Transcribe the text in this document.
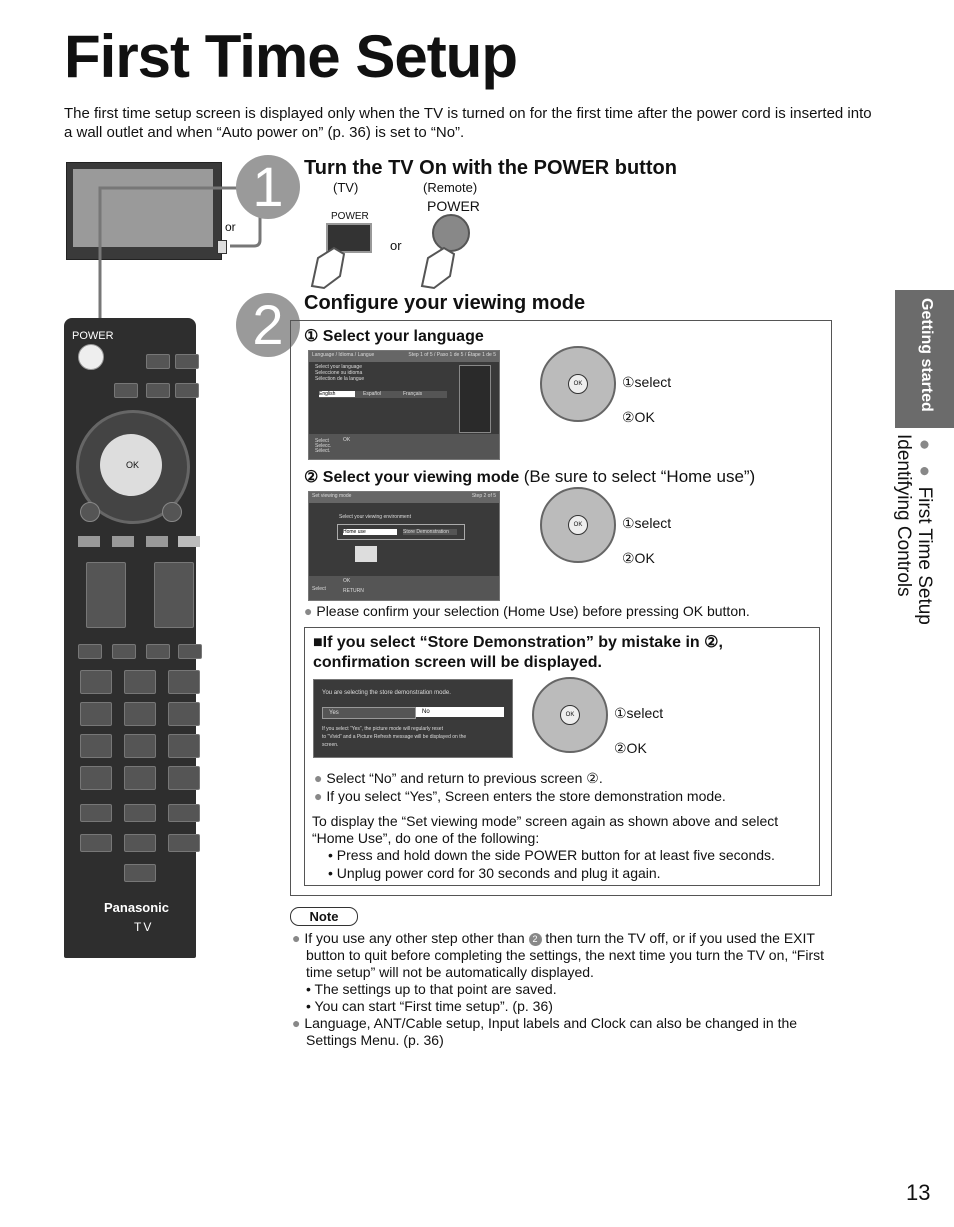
First Time Setup
The first time setup screen is displayed only when the TV is turned on for the first time after the power cord is inserted into a wall outlet and when “Auto power on” (p. 36) is set to “No”.
Getting started
● ● First Time Setup
Identifying Controls
or
POWER
OK
Panasonic
TV
1	Turn the TV On with the POWER button
(TV)	(Remote)
POWER
or
POWER
2	Configure your viewing mode
① Select your language
Language / Idioma / Langue	Step 1 of 5 / Paso 1 de 5 / Étape 1 de 5
Select your language
Seleccione su idioma
Sélection de la langue
English	Español	Français
Select
Selecc.
Sélect.
OK
OK	①select
②OK
② Select your viewing mode (Be sure to select “Home use”)
Set viewing mode	Step 2 of 5
Select your viewing environment
Home use	Store Demonstration
Select
OK
RETURN
OK	①select
②OK
● Please confirm your selection (Home Use) before pressing OK button.
■If you select “Store Demonstration” by mistake in ②, confirmation screen will be displayed.
You are selecting the store demonstration mode.
Yes	No
If you select “Yes”, the picture mode will regularly reset
to “Vivid” and a Picture Refresh message will be displayed on the
screen.
OK	①select
②OK
● Select “No” and return to previous screen ②.
● If you select “Yes”, Screen enters the store demonstration mode.
To display the “Set viewing mode” screen again as shown above and select “Home Use”, do one of the following:
• Press and hold down the side POWER button for at least five seconds.
• Unplug power cord for 30 seconds and plug it again.
Note
● If you use any other step other than 2 then turn the TV off, or if you used the EXIT button to quit before completing the settings, the next time you turn the TV on, “First time setup” will not be automatically displayed.
• The settings up to that point are saved.
• You can start “First time setup”. (p. 36)
● Language, ANT/Cable setup, Input labels and Clock can also be changed in the Settings Menu. (p. 36)
13
